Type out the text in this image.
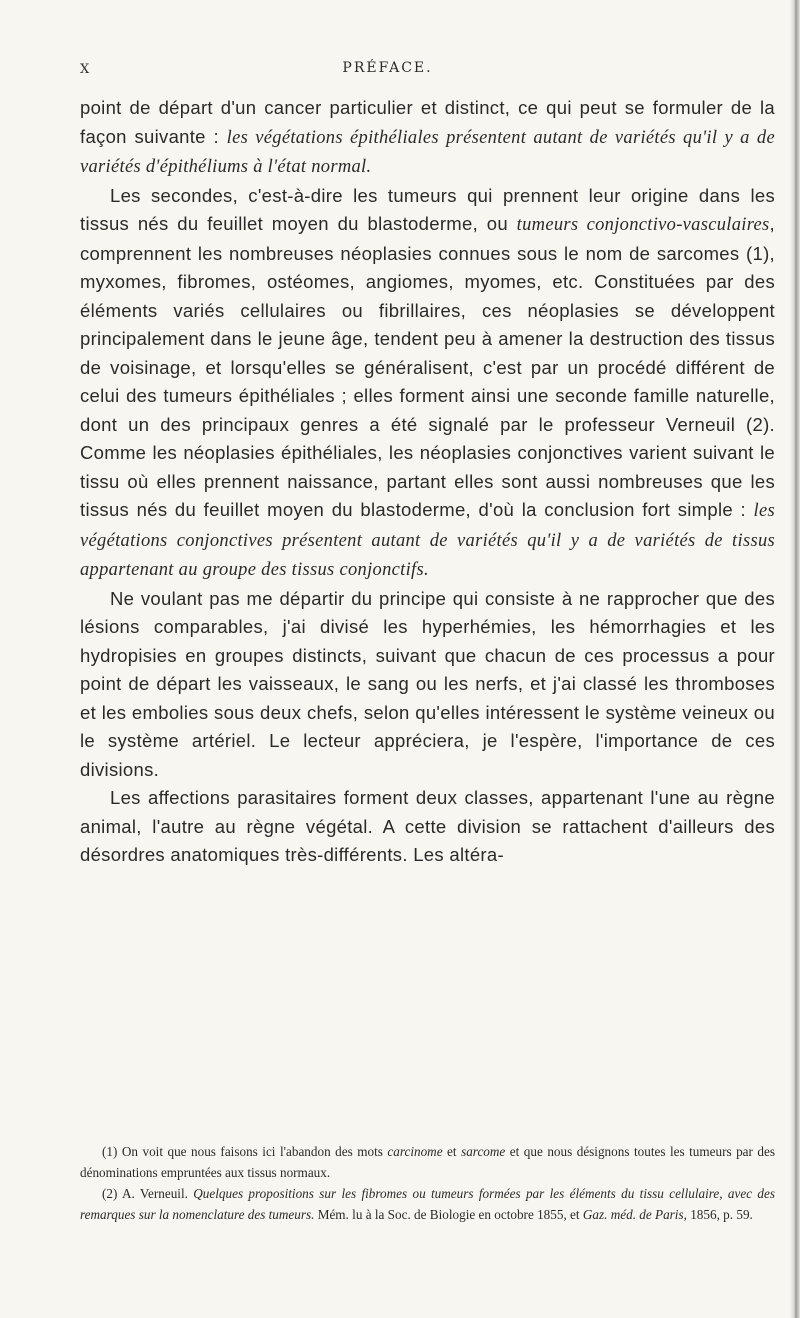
X	PRÉFACE.

point de départ d'un cancer particulier et distinct, ce qui peut se formuler de la façon suivante : les végétations épithéliales présentent autant de variétés qu'il y a de variétés d'épithéliums à l'état normal.

Les secondes, c'est-à-dire les tumeurs qui prennent leur origine dans les tissus nés du feuillet moyen du blastoderme, ou tumeurs conjonctivo-vasculaires, comprennent les nombreuses néoplasies connues sous le nom de sarcomes (1), myxomes, fibromes, ostéomes, angiomes, myomes, etc. Constituées par des éléments variés cellulaires ou fibrillaires, ces néoplasies se développent principalement dans le jeune âge, tendent peu à amener la destruction des tissus de voisinage, et lorsqu'elles se généralisent, c'est par un procédé différent de celui des tumeurs épithéliales ; elles forment ainsi une seconde famille naturelle, dont un des principaux genres a été signalé par le professeur Verneuil (2). Comme les néoplasies épithéliales, les néoplasies conjonctives varient suivant le tissu où elles prennent naissance, partant elles sont aussi nombreuses que les tissus nés du feuillet moyen du blastoderme, d'où la conclusion fort simple : les végétations conjonctives présentent autant de variétés qu'il y a de variétés de tissus appartenant au groupe des tissus conjonctifs.

Ne voulant pas me départir du principe qui consiste à ne rapprocher que des lésions comparables, j'ai divisé les hyperhémies, les hémorrhagies et les hydropisies en groupes distincts, suivant que chacun de ces processus a pour point de départ les vaisseaux, le sang ou les nerfs, et j'ai classé les thromboses et les embolies sous deux chefs, selon qu'elles intéressent le système veineux ou le système artériel. Le lecteur appréciera, je l'espère, l'importance de ces divisions.

Les affections parasitaires forment deux classes, appartenant l'une au règne animal, l'autre au règne végétal. A cette division se rattachent d'ailleurs des désordres anatomiques très-différents. Les altéra-

(1) On voit que nous faisons ici l'abandon des mots carcinome et sarcome et que nous désignons toutes les tumeurs par des dénominations empruntées aux tissus normaux.

(2) A. Verneuil. Quelques propositions sur les fibromes ou tumeurs formées par les éléments du tissu cellulaire, avec des remarques sur la nomenclature des tumeurs. Mém. lu à la Soc. de Biologie en octobre 1855, et Gaz. méd. de Paris, 1856, p. 59.
